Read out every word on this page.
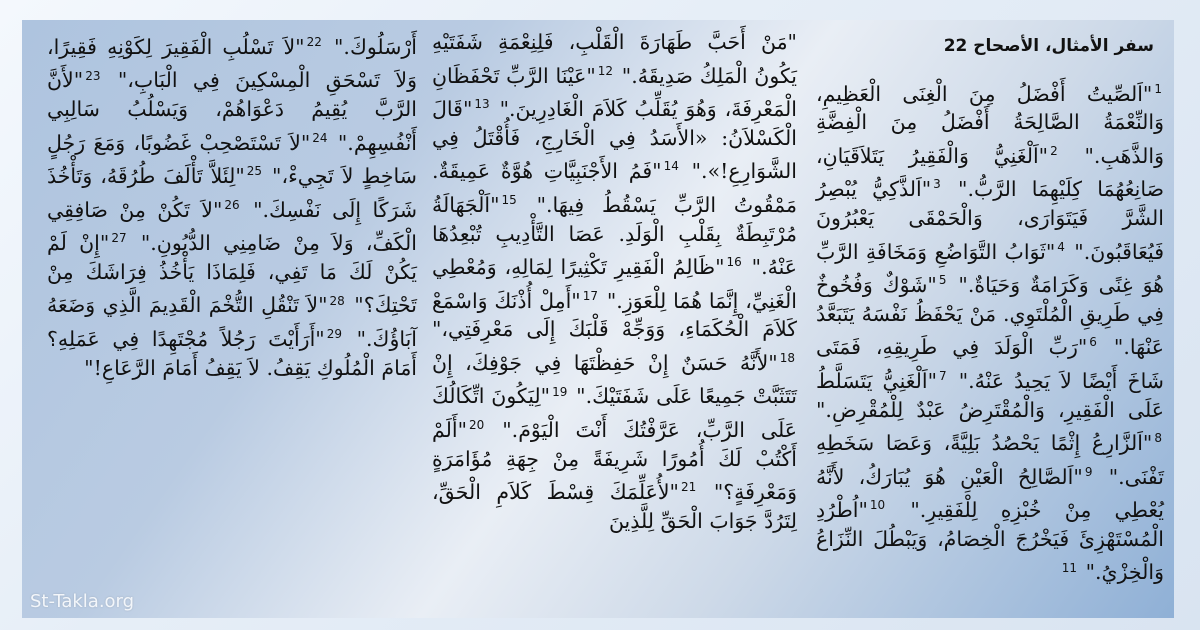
سفر الأمثال، الأصحاح 22
$^1$"اَلصِّيتُ أَفْضَلُ مِنَ الْغِنَى الْعَظِيمِ، وَالنِّعْمَةُ الصَّالِحَةُ أَفْضَلُ مِنَ الْفِضَّةِ وَالذَّهَبِ." $^2$"اَلْغَنِيُّ وَالْفَقِيرُ يَتَلاَقَيَانِ، صَانِعُهُمَا كِلَيْهِمَا الرَّبُّ." $^3$"اَلذَّكِيُّ يُبْصِرُ الشَّرَّ فَيَتَوَارَى، وَالْحَمْقَى يَعْبُرُونَ فَيُعَاقَبُونَ." $^4$"ثَوَابُ التَّوَاضُعِ وَمَخَافَةِ الرَّبِّ هُوَ غِنًى وَكَرَامَةٌ وَحَيَاةٌ." $^5$"شَوْكٌ وَفُخُوخٌ فِي طَرِيقِ الْمُلْتَوِي. مَنْ يَحْفَظُ نَفْسَهُ يَتَبَعَّدُ عَنْهَا." $^6$"رَبِّ الْوَلَدَ فِي طَرِيقِهِ، فَمَتَى شَاخَ أَيْضًا لاَ يَحِيدُ عَنْهُ." $^7$"اَلْغَنِيُّ يَتَسَلَّطُ عَلَى الْفَقِيرِ، وَالْمُقْتَرِضُ عَبْدٌ لِلْمُقْرِضِ." $^8$"اَلزَّارِعُ إِثْمًا يَحْصُدُ بَلِيَّةً، وَعَصَا سَخَطِهِ تَفْنَى." $^9$"اَلصَّالِحُ الْعَيْنِ هُوَ يُبَارَكُ، لأَنَّهُ يُعْطِي مِنْ خُبْزِهِ لِلْفَقِيرِ." $^{10}$"اُطْرُدِ الْمُسْتَهْزِئَ فَيَخْرُجَ الْخِصَامُ، وَيَبْطُلَ النِّزَاعُ وَالْخِزْيُ." $^{11}$
"مَنْ أَحَبَّ طَهَارَةَ الْقَلْبِ، فَلِنِعْمَةِ شَفَتَيْهِ يَكُونُ الْمَلِكُ صَدِيقَهُ." $^{12}$"عَيْنَا الرَّبِّ تَحْفَظَانِ الْمَعْرِفَةَ، وَهُوَ يُقَلِّبُ كَلاَمَ الْغَادِرِينَ." $^{13}$"قَالَ الْكَسْلاَنُ: «الأَسَدُ فِي الْخَارِجِ، فَأُقْتَلُ فِي الشَّوَارِعِ!»." $^{14}$"فَمُ الأَجْنَبِيَّاتِ هُوَّةٌ عَمِيقَةٌ. مَمْقُوتُ الرَّبِّ يَسْقُطُ فِيهَا." $^{15}$"اَلْجَهَالَةُ مُرْتَبِطَةٌ بِقَلْبِ الْوَلَدِ. عَصَا التَّأْدِيبِ تُبْعِدُهَا عَنْهُ." $^{16}$"ظَالِمُ الْفَقِيرِ تَكْثِيرًا لِمَالِهِ، وَمُعْطِي الْغَنِيِّ، إِنَّمَا هُمَا لِلْعَوَزِ." $^{17}$"أَمِلْ أُذْنَكَ وَاسْمَعْ كَلاَمَ الْحُكَمَاءِ، وَوَجِّهْ قَلْبَكَ إِلَى مَعْرِفَتِي،" $^{18}$"لأَنَّهُ حَسَنٌ إِنْ حَفِظْتَهَا فِي جَوْفِكَ، إِنْ تَتَثَبَّتْ جَمِيعًا عَلَى شَفَتَيْكَ." $^{19}$"لِيَكُونَ اتِّكَالُكَ عَلَى الرَّبِّ، عَرَّفْتُكَ أَنْتَ الْيَوْمَ." $^{20}$"أَلَمْ أَكْتُبْ لَكَ أُمُورًا شَرِيفَةً مِنْ جِهَةِ مُؤَامَرَةٍ وَمَعْرِفَةٍ؟" $^{21}$"لأُعَلِّمَكَ قِسْطَ كَلاَمِ الْحَقِّ، لِتَرُدَّ جَوَابَ الْحَقِّ لِلَّذِينَ
أَرْسَلُوكَ." $^{22}$"لاَ تَسْلُبِ الْفَقِيرَ لِكَوْنِهِ فَقِيرًا، وَلاَ تَسْحَقِ الْمِسْكِينَ فِي الْبَابِ،" $^{23}$"لأَنَّ الرَّبَّ يُقِيمُ دَعْوَاهُمْ، وَيَسْلُبُ سَالِبِي أَنْفُسِهِمْ." $^{24}$"لاَ تَسْتَصْحِبْ غَضُوبًا، وَمَعَ رَجُلٍ سَاخِطٍ لاَ تَجِيءْ،" $^{25}$"لِئَلاَّ تَأْلَفَ طُرُقَهُ، وَتَأْخُذَ شَرَكًا إِلَى نَفْسِكَ." $^{26}$"لاَ تَكُنْ مِنْ صَافِقِي الْكَفِّ، وَلاَ مِنْ ضَامِنِي الدُّيُونِ." $^{27}$"إِنْ لَمْ يَكُنْ لَكَ مَا تَفِي، فَلِمَاذَا يَأْخُذُ فِرَاشَكَ مِنْ تَحْتِكَ؟" $^{28}$"لاَ تَنْقُلِ التُّخْمَ الْقَدِيمَ الَّذِي وَضَعَهُ آبَاؤُكَ." $^{29}$"أَرَأَيْتَ رَجُلاً مُجْتَهِدًا فِي عَمَلِهِ؟ أَمَامَ الْمُلُوكِ يَقِفُ. لاَ يَقِفُ أَمَامَ الرَّعَاعِ!"
St-Takla.org
